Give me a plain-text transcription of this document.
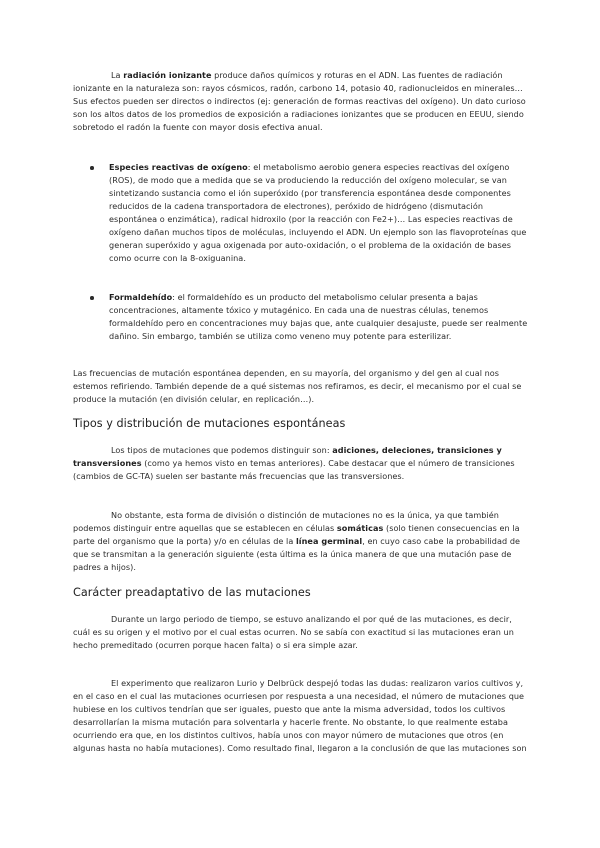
La radiación ionizante produce daños químicos y roturas en el ADN. Las fuentes de radiación ionizante en la naturaleza son: rayos cósmicos, radón, carbono 14, potasio 40, radionucleidos en minerales…Sus efectos pueden ser directos o indirectos (ej: generación de formas reactivas del oxígeno). Un dato curioso son los altos datos de los promedios de exposición a radiaciones ionizantes que se producen en EEUU, siendo sobretodo el radón la fuente con mayor dosis efectiva anual.

Especies reactivas de oxígeno: el metabolismo aerobio genera especies reactivas del oxígeno (ROS), de modo que a medida que se va produciendo la reducción del oxígeno molecular, se van sintetizando sustancia como el ión superóxido (por transferencia espontánea desde componentes reducidos de la cadena transportadora de electrones), peróxido de hidrógeno (dismutación espontánea o enzimática), radical hidroxilo (por la reacción con Fe2+)… Las especies reactivas de oxígeno dañan muchos tipos de moléculas, incluyendo el ADN. Un ejemplo son las flavoproteínas que generan superóxido y agua oxigenada por auto-oxidación, o el problema de la oxidación de bases como ocurre con la 8-oxiguanina.

Formaldehído: el formaldehído es un producto del metabolismo celular presenta a bajas concentraciones, altamente tóxico y mutagénico. En cada una de nuestras células, tenemos formaldehído pero en concentraciones muy bajas que, ante cualquier desajuste, puede ser realmente dañino. Sin embargo, también se utiliza como veneno muy potente para esterilizar.

Las frecuencias de mutación espontánea dependen, en su mayoría, del organismo y del gen al cual nos estemos refiriendo. También depende de a qué sistemas nos refiramos, es decir, el mecanismo por el cual se produce la mutación (en división celular, en replicación…).

Tipos y distribución de mutaciones espontáneas

Los tipos de mutaciones que podemos distinguir son: adiciones, deleciones, transiciones y transversiones (como ya hemos visto en temas anteriores). Cabe destacar que el número de transiciones (cambios de GC-TA) suelen ser bastante más frecuencias que las transversiones.

No obstante, esta forma de división o distinción de mutaciones no es la única, ya que también podemos distinguir entre aquellas que se establecen en células somáticas (solo tienen consecuencias en la parte del organismo que la porta) y/o en células de la línea germinal, en cuyo caso cabe la probabilidad de que se transmitan a la generación siguiente (esta última es la única manera de que una mutación pase de padres a hijos).

Carácter preadaptativo de las mutaciones

Durante un largo periodo de tiempo, se estuvo analizando el por qué de las mutaciones, es decir, cuál es su origen y el motivo por el cual estas ocurren. No se sabía con exactitud si las mutaciones eran un hecho premeditado (ocurren porque hacen falta) o si era simple azar.

El experimento que realizaron Lurio y Delbrück despejó todas las dudas: realizaron varios cultivos y, en el caso en el cual las mutaciones ocurriesen por respuesta a una necesidad, el número de mutaciones que hubiese en los cultivos tendrían que ser iguales, puesto que ante la misma adversidad, todos los cultivos desarrollarían la misma mutación para solventarla y hacerle frente. No obstante, lo que realmente estaba ocurriendo era que, en los distintos cultivos, había unos con mayor número de mutaciones que otros (en algunas hasta no había mutaciones). Como resultado final, llegaron a la conclusión de que las mutaciones son
